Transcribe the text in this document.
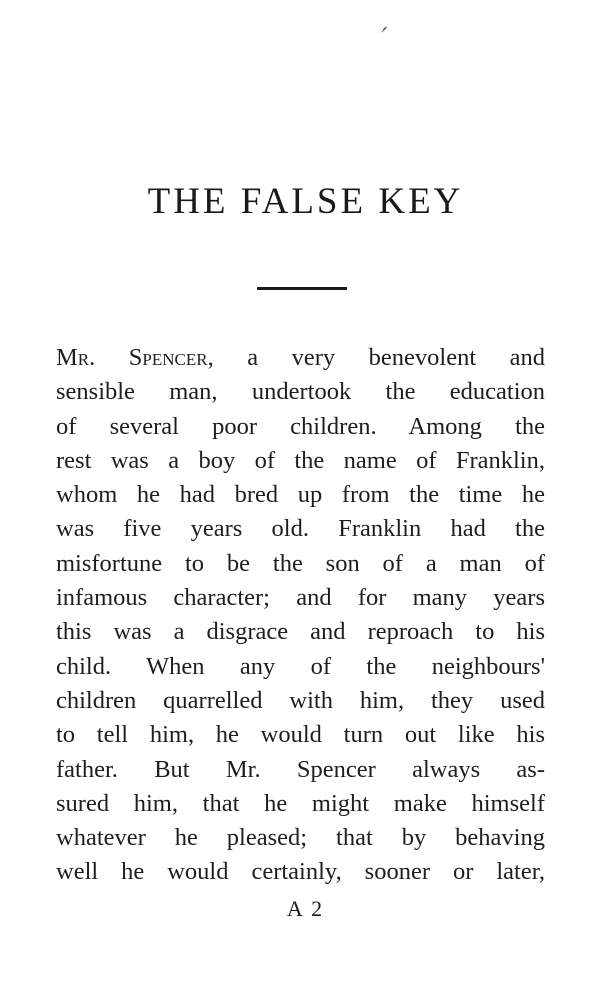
THE FALSE KEY
Mr. Spencer, a very benevolent and
sensible man, undertook the education
of several poor children. Among the
rest was a boy of the name of Franklin,
whom he had bred up from the time he
was five years old. Franklin had the
misfortune to be the son of a man of
infamous character; and for many years
this was a disgrace and reproach to his
child. When any of the neighbours'
children quarrelled with him, they used
to tell him, he would turn out like his
father. But Mr. Spencer always as-
sured him, that he might make himself
whatever he pleased; that by behaving
well he would certainly, sooner or later,
A 2
